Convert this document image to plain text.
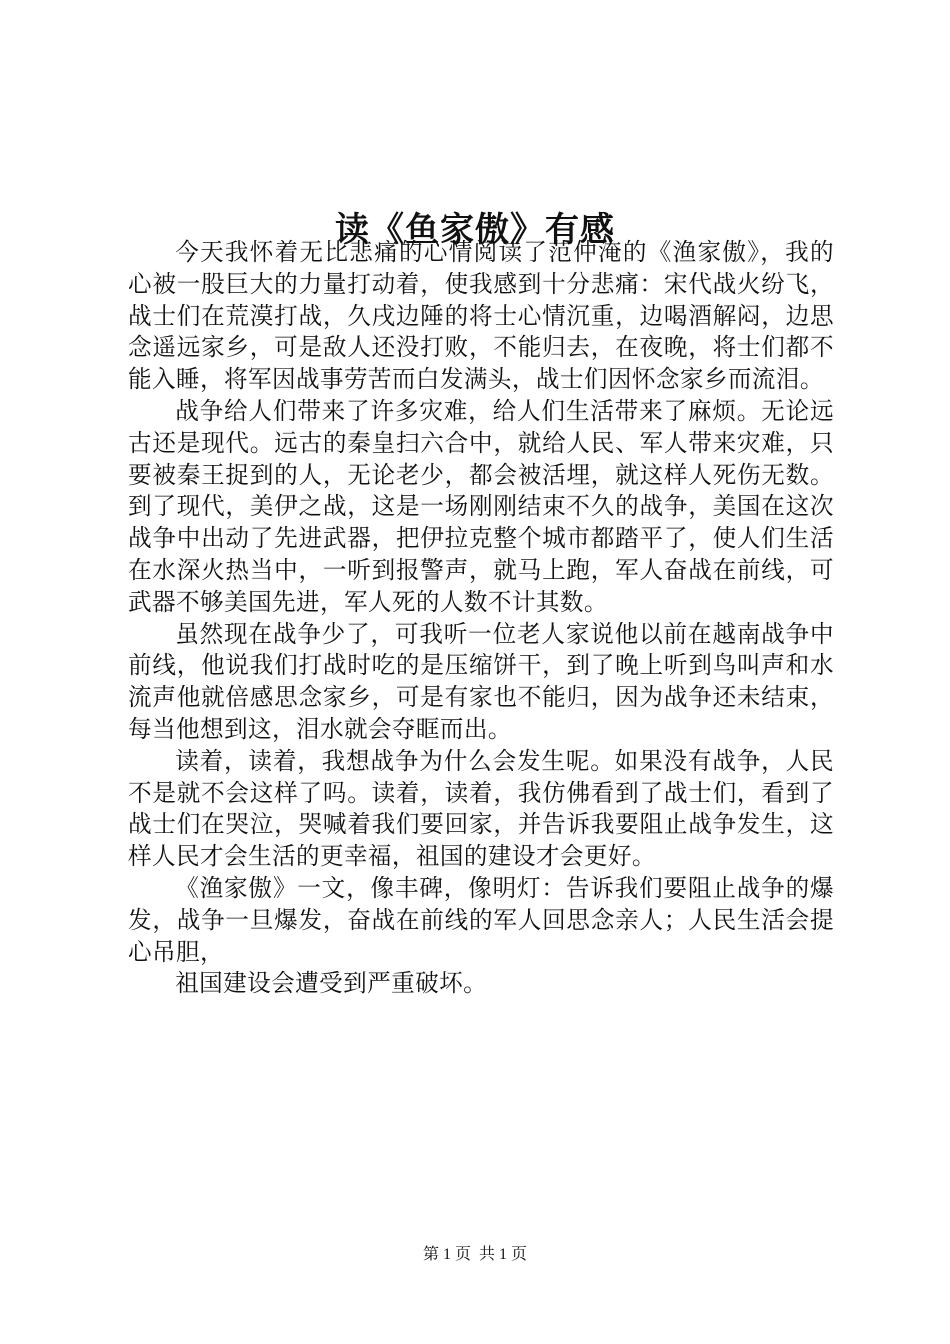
读《鱼家傲》有感

今天我怀着无比悲痛的心情阅读了范仲淹的《渔家傲》，我的心被一股巨大的力量打动着，使我感到十分悲痛：宋代战火纷飞，战士们在荒漠打战，久戌边陲的将士心情沉重，边喝酒解闷，边思念遥远家乡，可是敌人还没打败，不能归去，在夜晚，将士们都不能入睡，将军因战事劳苦而白发满头，战士们因怀念家乡而流泪。

战争给人们带来了许多灾难，给人们生活带来了麻烦。无论远古还是现代。远古的秦皇扫六合中，就给人民、军人带来灾难，只要被秦王捉到的人，无论老少，都会被活埋，就这样人死伤无数。到了现代，美伊之战，这是一场刚刚结束不久的战争，美国在这次战争中出动了先进武器，把伊拉克整个城市都踏平了，使人们生活在水深火热当中，一听到报警声，就马上跑，军人奋战在前线，可武器不够美国先进，军人死的人数不计其数。

虽然现在战争少了，可我听一位老人家说他以前在越南战争中前线，他说我们打战时吃的是压缩饼干，到了晚上听到鸟叫声和水流声他就倍感思念家乡，可是有家也不能归，因为战争还未结束，每当他想到这，泪水就会夺眶而出。

读着，读着，我想战争为什么会发生呢。如果没有战争，人民不是就不会这样了吗。读着，读着，我仿佛看到了战士们，看到了战士们在哭泣，哭喊着我们要回家，并告诉我要阻止战争发生，这样人民才会生活的更幸福，祖国的建设才会更好。

《渔家傲》一文，像丰碑，像明灯：告诉我们要阻止战争的爆发，战争一旦爆发，奋战在前线的军人回思念亲人；人民生活会提心吊胆，

祖国建设会遭受到严重破坏。

第 1 页 共 1 页
